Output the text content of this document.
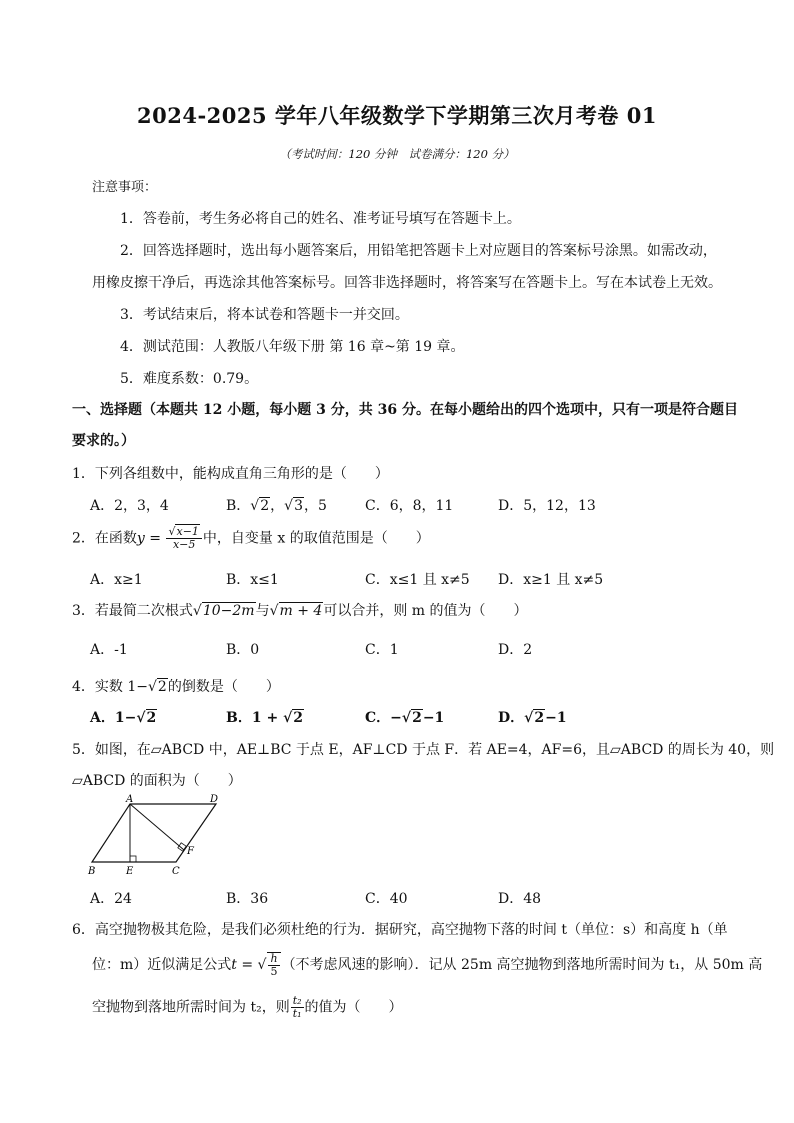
2024-2025 学年八年级数学下学期第三次月考卷 01
（考试时间：120 分钟　试卷满分：120 分）
注意事项：
1．答卷前，考生务必将自己的姓名、准考证号填写在答题卡上。
2．回答选择题时，选出每小题答案后，用铅笔把答题卡上对应题目的答案标号涂黑。如需改动，
用橡皮擦干净后，再选涂其他答案标号。回答非选择题时，将答案写在答题卡上。写在本试卷上无效。
3．考试结束后，将本试卷和答题卡一并交回。
4．测试范围：人教版八年级下册 第 16 章~第 19 章。
5．难度系数：0.79。
一、选择题（本题共 12 小题，每小题 3 分，共 36 分。在每小题给出的四个选项中，只有一项是符合题目
要求的。）
1．下列各组数中，能构成直角三角形的是（　　）
A．2，3，4	B．√2，√3，5	C．6，8，11	D．5，12，13
2．在函数$y = \frac{√x-1}{x-5}$ 中，自变量 x 的取值范围是（　　）
A．x≥1	B．x≤1	C．x≤1 且 x≠5 D．x≥1 且 x≠5
3．若最简二次根式√10−2m与√m + 4可以合并，则 m 的值为（　　）
A．-1	B．0	C．1	D．2
4．实数 1−√2的倒数是（　　）
A．1−√2	B．1 + √2	C．−√2−1	D．√2−1
5．如图，在▱ABCD 中，AE⊥BC 于点 E，AF⊥CD 于点 F．若 AE=4，AF=6，且▱ABCD 的周长为 40，则
▱ABCD 的面积为（　　）
A	D
B	E	C
F
A．24	B．36	C．40	D．48
6．高空抛物极其危险，是我们必须杜绝的行为．据研究，高空抛物下落的时间 t（单位：s）和高度 h（单
位：m）近似满足公式t = √ $\frac{h}{5}$ （不考虑风速的影响）．记从 25m 高空抛物到落地所需时间为 t₁，从 50m 高
空抛物到落地所需时间为 t₂，则 $\frac{\text{t₂}}{\text{t₁}}$ 的值为（　　）
